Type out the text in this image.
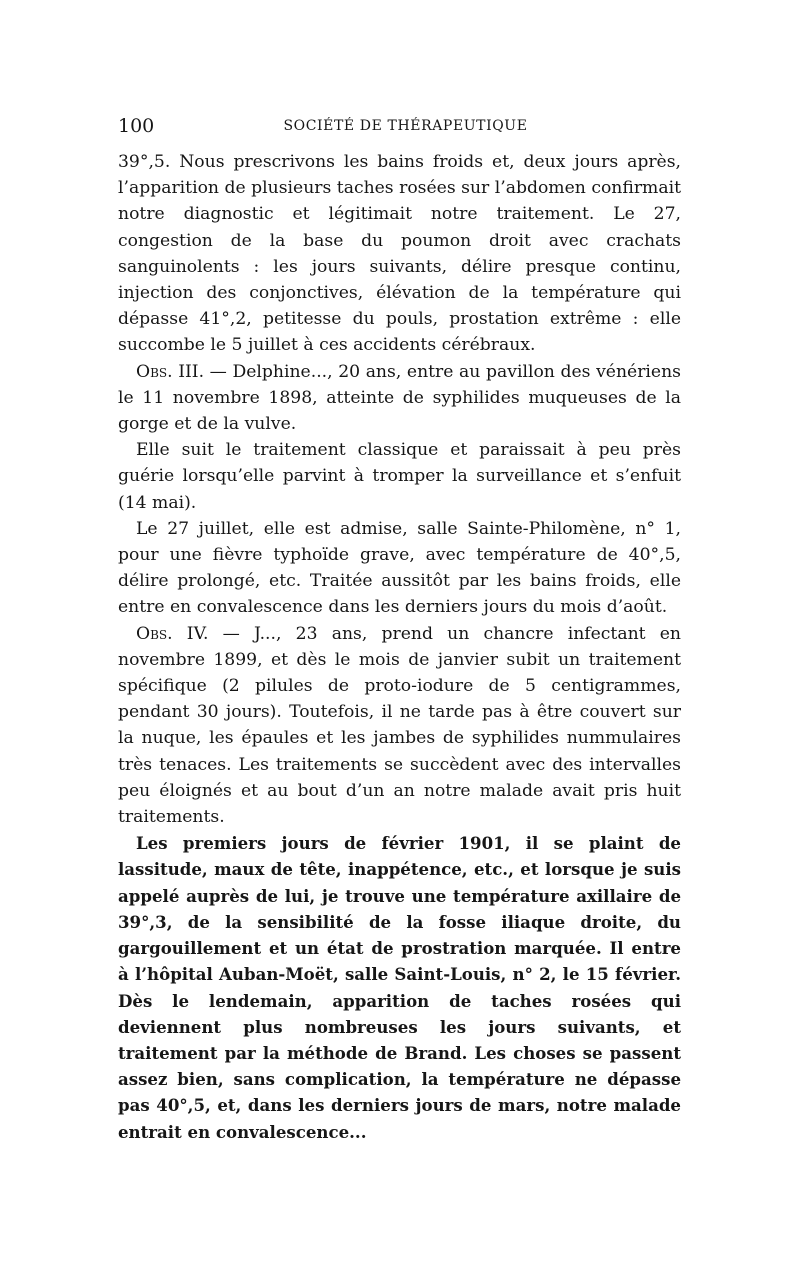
100	SOCIÉTÉ DE THÉRAPEUTIQUE

39°,5. Nous prescrivons les bains froids et, deux jours après, l’apparition de plusieurs taches rosées sur l’abdomen confirmait notre diagnostic et légitimait notre traitement. Le 27, congestion de la base du poumon droit avec crachats sanguinolents : les jours suivants, délire presque continu, injection des conjonctives, élévation de la température qui dépasse 41°,2, petitesse du pouls, prostation extrême : elle succombe le 5 juillet à ces accidents cérébraux.

Obs. III. — Delphine..., 20 ans, entre au pavillon des vénériens le 11 novembre 1898, atteinte de syphilides muqueuses de la gorge et de la vulve.

Elle suit le traitement classique et paraissait à peu près guérie lorsqu’elle parvint à tromper la surveillance et s’enfuit (14 mai).

Le 27 juillet, elle est admise, salle Sainte-Philomène, n° 1, pour une fièvre typhoïde grave, avec température de 40°,5, délire prolongé, etc. Traitée aussitôt par les bains froids, elle entre en convalescence dans les derniers jours du mois d’août.

Obs. IV. — J..., 23 ans, prend un chancre infectant en novembre 1899, et dès le mois de janvier subit un traitement spécifique (2 pilules de proto-iodure de 5 centigrammes, pendant 30 jours). Toutefois, il ne tarde pas à être couvert sur la nuque, les épaules et les jambes de syphilides nummulaires très tenaces. Les traitements se succèdent avec des intervalles peu éloignés et au bout d’un an notre malade avait pris huit traitements.

Les premiers jours de février 1901, il se plaint de lassitude, maux de tête, inappétence, etc., et lorsque je suis appelé auprès de lui, je trouve une température axillaire de 39°,3, de la sensibilité de la fosse iliaque droite, du gargouillement et un état de prostration marquée. Il entre à l’hôpital Auban-Moët, salle Saint-Louis, n° 2, le 15 février. Dès le lendemain, apparition de taches rosées qui deviennent plus nombreuses les jours suivants, et traitement par la méthode de Brand. Les choses se passent assez bien, sans complication, la température ne dépasse pas 40°,5, et, dans les derniers jours de mars, notre malade entrait en convalescence...
